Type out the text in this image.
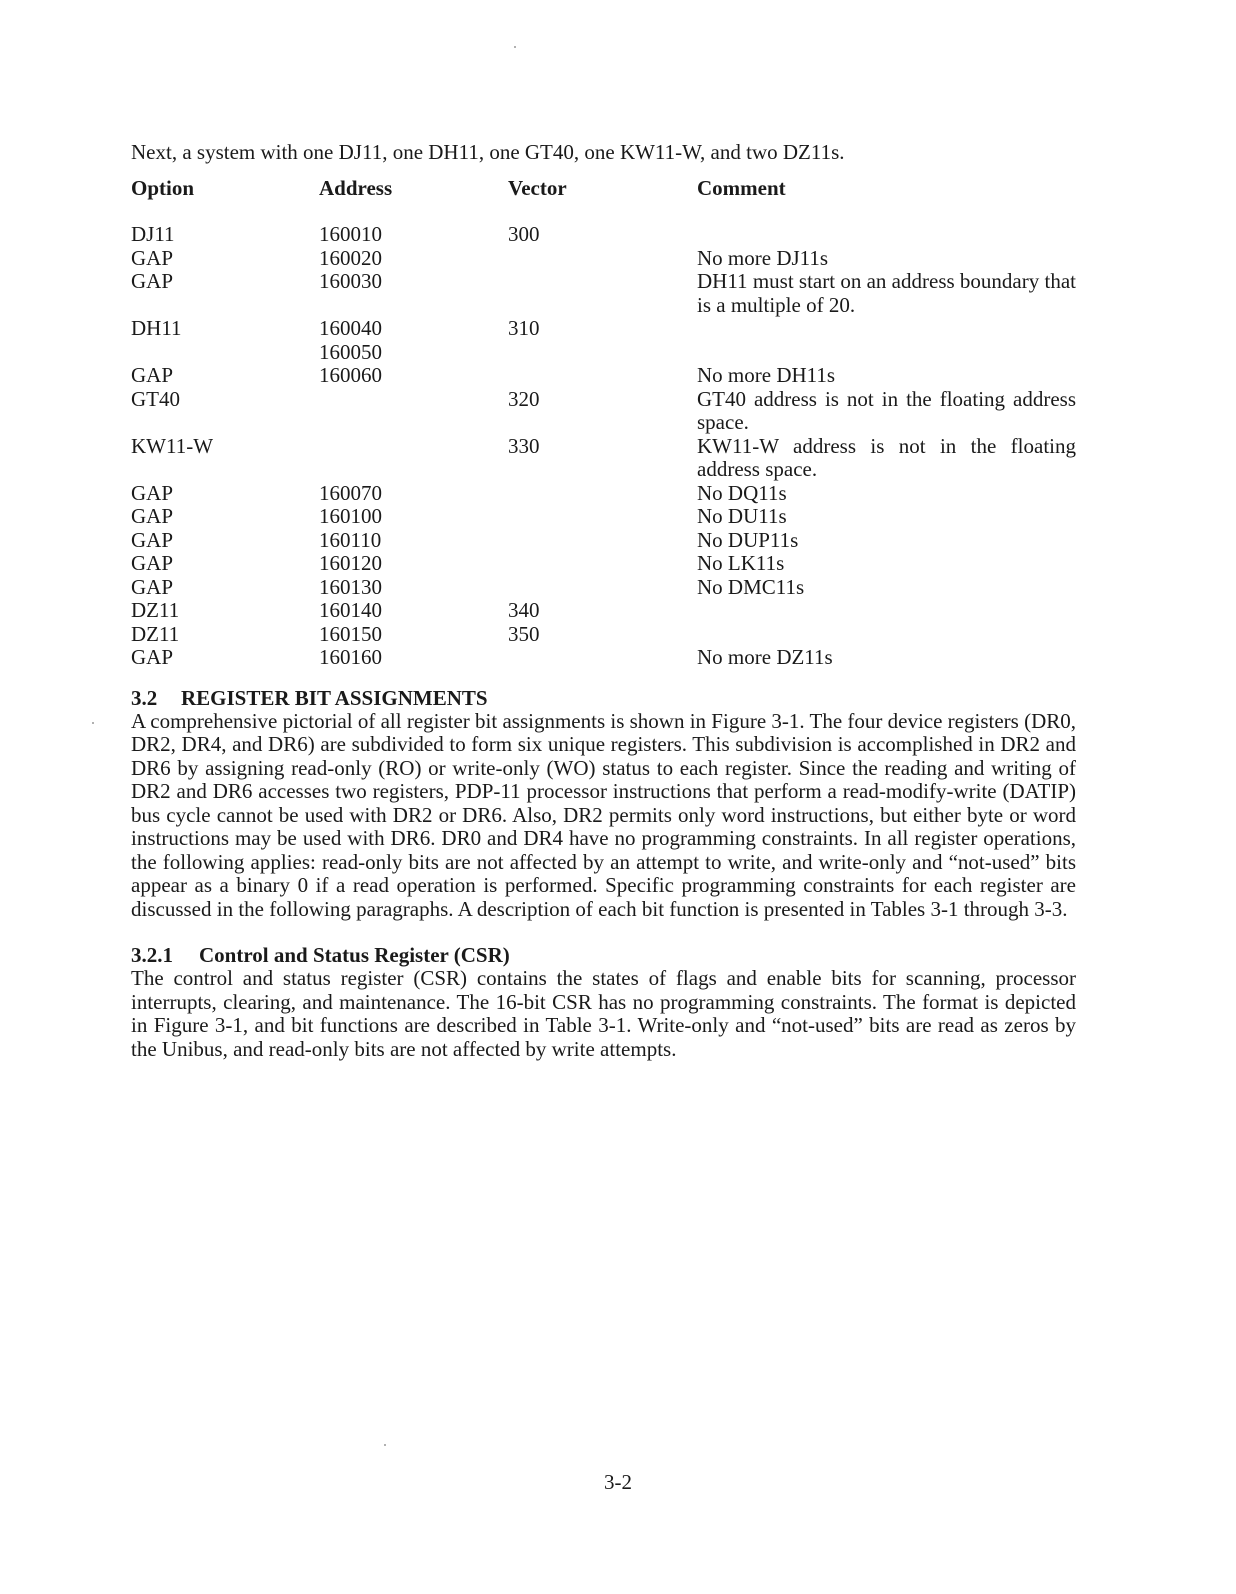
Next, a system with one DJ11, one DH11, one GT40, one KW11-W, and two DZ11s.

Option	Address	Vector	Comment

DJ11	160010	300	
GAP	160020		No more DJ11s
GAP	160030		DH11 must start on an address boundary that is a multiple of 20.
DH11	160040	310	
	160050		
GAP	160060		No more DH11s
GT40		320	GT40 address is not in the floating address space.
KW11-W		330	KW11-W address is not in the floating address space.
GAP	160070		No DQ11s
GAP	160100		No DU11s
GAP	160110		No DUP11s
GAP	160120		No LK11s
GAP	160130		No DMC11s
DZ11	160140	340	
DZ11	160150	350	
GAP	160160		No more DZ11s
3.2 REGISTER BIT ASSIGNMENTS

A comprehensive pictorial of all register bit assignments is shown in Figure 3-1. The four device registers (DR0, DR2, DR4, and DR6) are subdivided to form six unique registers. This subdivision is accomplished in DR2 and DR6 by assigning read-only (RO) or write-only (WO) status to each register. Since the reading and writing of DR2 and DR6 accesses two registers, PDP-11 processor instructions that perform a read-modify-write (DATIP) bus cycle cannot be used with DR2 or DR6. Also, DR2 permits only word instructions, but either byte or word instructions may be used with DR6. DR0 and DR4 have no programming constraints. In all register operations, the following applies: read-only bits are not affected by an attempt to write, and write-only and “not-used” bits appear as a binary 0 if a read operation is performed. Specific programming constraints for each register are discussed in the following paragraphs. A description of each bit function is presented in Tables 3-1 through 3-3.

3.2.1 Control and Status Register (CSR)

The control and status register (CSR) contains the states of flags and enable bits for scanning, processor interrupts, clearing, and maintenance. The 16-bit CSR has no programming constraints. The format is depicted in Figure 3-1, and bit functions are described in Table 3-1. Write-only and “not-used” bits are read as zeros by the Unibus, and read-only bits are not affected by write attempts.

3-2
